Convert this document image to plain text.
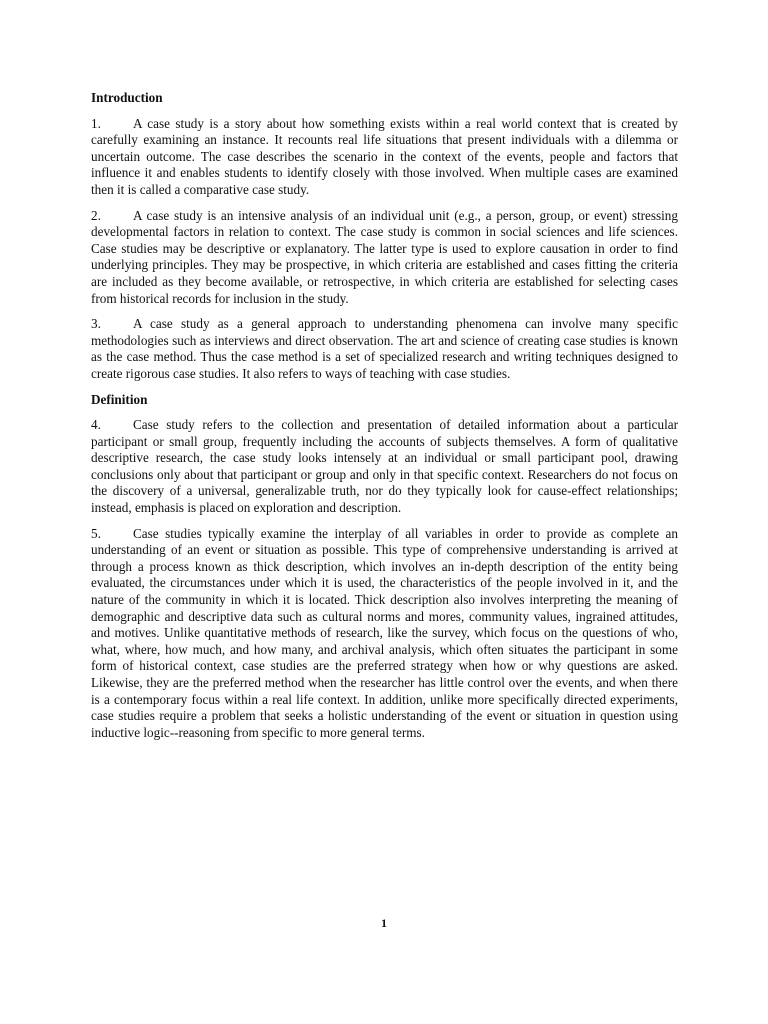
Introduction

1. A case study is a story about how something exists within a real world context that is created by carefully examining an instance. It recounts real life situations that present individuals with a dilemma or uncertain outcome. The case describes the scenario in the context of the events, people and factors that influence it and enables students to identify closely with those involved. When multiple cases are examined then it is called a comparative case study.

2. A case study is an intensive analysis of an individual unit (e.g., a person, group, or event) stressing developmental factors in relation to context. The case study is common in social sciences and life sciences. Case studies may be descriptive or explanatory. The latter type is used to explore causation in order to find underlying principles. They may be prospective, in which criteria are established and cases fitting the criteria are included as they become available, or retrospective, in which criteria are established for selecting cases from historical records for inclusion in the study.

3. A case study as a general approach to understanding phenomena can involve many specific methodologies such as interviews and direct observation. The art and science of creating case studies is known as the case method. Thus the case method is a set of specialized research and writing techniques designed to create rigorous case studies. It also refers to ways of teaching with case studies.

Definition

4. Case study refers to the collection and presentation of detailed information about a particular participant or small group, frequently including the accounts of subjects themselves. A form of qualitative descriptive research, the case study looks intensely at an individual or small participant pool, drawing conclusions only about that participant or group and only in that specific context. Researchers do not focus on the discovery of a universal, generalizable truth, nor do they typically look for cause-effect relationships; instead, emphasis is placed on exploration and description.

5. Case studies typically examine the interplay of all variables in order to provide as complete an understanding of an event or situation as possible. This type of comprehensive understanding is arrived at through a process known as thick description, which involves an in-depth description of the entity being evaluated, the circumstances under which it is used, the characteristics of the people involved in it, and the nature of the community in which it is located. Thick description also involves interpreting the meaning of demographic and descriptive data such as cultural norms and mores, community values, ingrained attitudes, and motives. Unlike quantitative methods of research, like the survey, which focus on the questions of who, what, where, how much, and how many, and archival analysis, which often situates the participant in some form of historical context, case studies are the preferred strategy when how or why questions are asked. Likewise, they are the preferred method when the researcher has little control over the events, and when there is a contemporary focus within a real life context. In addition, unlike more specifically directed experiments, case studies require a problem that seeks a holistic understanding of the event or situation in question using inductive logic--reasoning from specific to more general terms.

1
